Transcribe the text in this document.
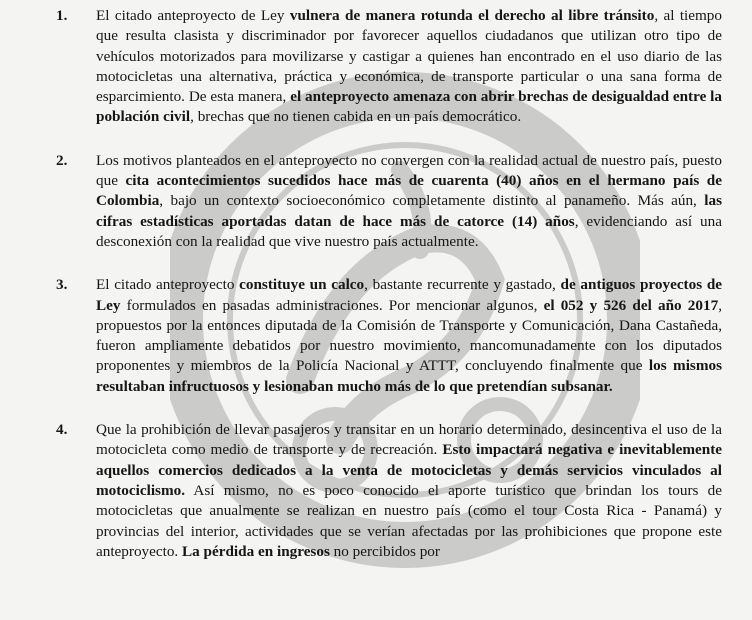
1.	El citado anteproyecto de Ley vulnera de manera rotunda el derecho al libre tránsito, al tiempo que resulta clasista y discriminador por favorecer aquellos ciudadanos que utilizan otro tipo de vehículos motorizados para movilizarse y castigar a quienes han encontrado en el uso diario de las motocicletas una alternativa, práctica y económica, de transporte particular o una sana forma de esparcimiento. De esta manera, el anteproyecto amenaza con abrir brechas de desigualdad entre la población civil, brechas que no tienen cabida en un país democrático.

2.	Los motivos planteados en el anteproyecto no convergen con la realidad actual de nuestro país, puesto que cita acontecimientos sucedidos hace más de cuarenta (40) años en el hermano país de Colombia, bajo un contexto socioeconómico completamente distinto al panameño. Más aún, las cifras estadísticas aportadas datan de hace más de catorce (14) años, evidenciando así una desconexión con la realidad que vive nuestro país actualmente.

3.	El citado anteproyecto constituye un calco, bastante recurrente y gastado, de antiguos proyectos de Ley formulados en pasadas administraciones. Por mencionar algunos, el 052 y 526 del año 2017, propuestos por la entonces diputada de la Comisión de Transporte y Comunicación, Dana Castañeda, fueron ampliamente debatidos por nuestro movimiento, mancomunadamente con los diputados proponentes y miembros de la Policía Nacional y ATTT, concluyendo finalmente que los mismos resultaban infructuosos y lesionaban mucho más de lo que pretendían subsanar.

4.	Que la prohibición de llevar pasajeros y transitar en un horario determinado, desincentiva el uso de la motocicleta como medio de transporte y de recreación. Esto impactará negativa e inevitablemente aquellos comercios dedicados a la venta de motocicletas y demás servicios vinculados al motociclismo. Así mismo, no es poco conocido el aporte turístico que brindan los tours de motocicletas que anualmente se realizan en nuestro país (como el tour Costa Rica - Panamá) y provincias del interior, actividades que se verían afectadas por las prohibiciones que propone este anteproyecto. La pérdida en ingresos no percibidos por
